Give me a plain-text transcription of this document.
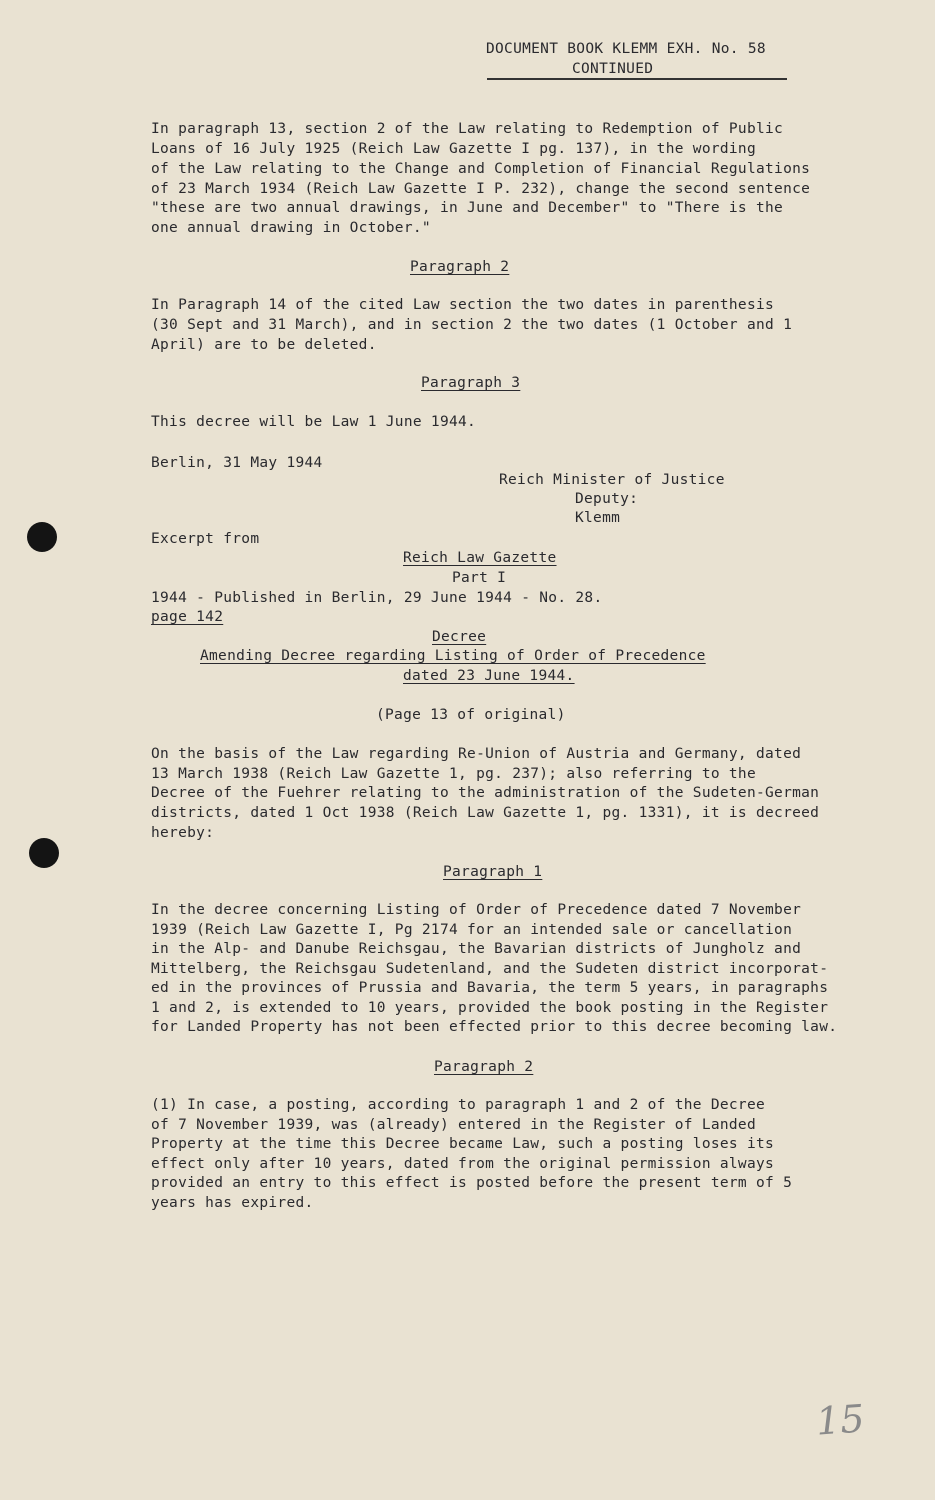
DOCUMENT BOOK KLEMM EXH. No. 58

CONTINUED

In paragraph 13, section 2 of the Law relating to Redemption of Public

Loans of 16 July 1925 (Reich Law Gazette I pg. 137), in the wording

of the Law relating to the Change and Completion of Financial Regulations

of 23 March 1934 (Reich Law Gazette I P. 232), change the second sentence

"these are two annual drawings, in June and December" to "There is the

one annual drawing in October."

Paragraph 2

In Paragraph 14 of the cited Law section the two dates in parenthesis

(30 Sept and 31 March), and in section 2 the two dates (1 October and 1

April) are to be deleted.

Paragraph 3

This decree will be Law 1 June 1944.

Berlin, 31 May 1944

Reich Minister of Justice

Deputy:

Klemm

Excerpt from

Reich Law Gazette

Part I

1944 - Published in Berlin, 29 June 1944 - No. 28.

page 142

Decree

Amending Decree regarding Listing of Order of Precedence

dated 23 June 1944.

(Page 13 of original)

On the basis of the Law regarding Re-Union of Austria and Germany, dated

13 March 1938 (Reich Law Gazette 1, pg. 237); also referring to the

Decree of the Fuehrer relating to the administration of the Sudeten-German

districts, dated 1 Oct 1938 (Reich Law Gazette 1, pg. 1331), it is decreed

hereby:

Paragraph 1

In the decree concerning Listing of Order of Precedence dated 7 November

1939 (Reich Law Gazette I, Pg 2174 for an intended sale or cancellation

in the Alp- and Danube Reichsgau, the Bavarian districts of Jungholz and

Mittelberg, the Reichsgau Sudetenland, and the Sudeten district incorporat-

ed in the provinces of Prussia and Bavaria, the term 5 years, in paragraphs

1 and 2, is extended to 10 years, provided the book posting in the Register

for Landed Property has not been effected prior to this decree becoming law.

Paragraph 2

(1) In case, a posting, according to paragraph 1 and 2 of the Decree

of 7 November 1939, was (already) entered in the Register of Landed

Property at the time this Decree became Law, such a posting loses its

effect only after 10 years, dated from the original permission always

provided an entry to this effect is posted before the present term of 5

years has expired.

15
